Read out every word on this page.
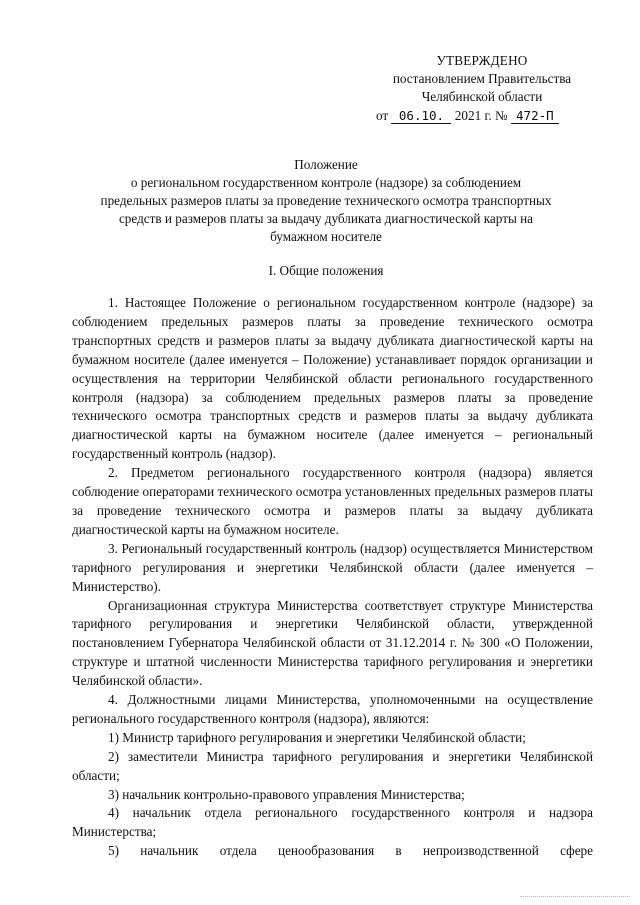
УТВЕРЖДЕНО
постановлением Правительства
Челябинской области
от 06.10. 2021 г. № 472-П
Положение
о региональном государственном контроле (надзоре) за соблюдением
предельных размеров платы за проведение технического осмотра транспортных
средств и размеров платы за выдачу дубликата диагностической карты на
бумажном носителе
I. Общие положения

1. Настоящее Положение о региональном государственном контроле (надзоре) за соблюдением предельных размеров платы за проведение технического осмотра транспортных средств и размеров платы за выдачу дубликата диагностической карты на бумажном носителе (далее именуется – Положение) устанавливает порядок организации и осуществления на территории Челябинской области регионального государственного контроля (надзора) за соблюдением предельных размеров платы за проведение технического осмотра транспортных средств и размеров платы за выдачу дубликата диагностической карты на бумажном носителе (далее именуется – региональный государственный контроль (надзор).

2. Предметом регионального государственного контроля (надзора) является соблюдение операторами технического осмотра установленных предельных размеров платы за проведение технического осмотра и размеров платы за выдачу дубликата диагностической карты на бумажном носителе.

3. Региональный государственный контроль (надзор) осуществляется Министерством тарифного регулирования и энергетики Челябинской области (далее именуется – Министерство).

Организационная структура Министерства соответствует структуре Министерства тарифного регулирования и энергетики Челябинской области, утвержденной постановлением Губернатора Челябинской области от 31.12.2014 г. № 300 «О Положении, структуре и штатной численности Министерства тарифного регулирования и энергетики Челябинской области».

4. Должностными лицами Министерства, уполномоченными на осуществление регионального государственного контроля (надзора), являются:

1) Министр тарифного регулирования и энергетики Челябинской области;

2) заместители Министра тарифного регулирования и энергетики Челябинской области;

3) начальник контрольно-правового управления Министерства;

4) начальник отдела регионального государственного контроля и надзора Министерства;

5) начальник отдела ценообразования в непроизводственной сфере
